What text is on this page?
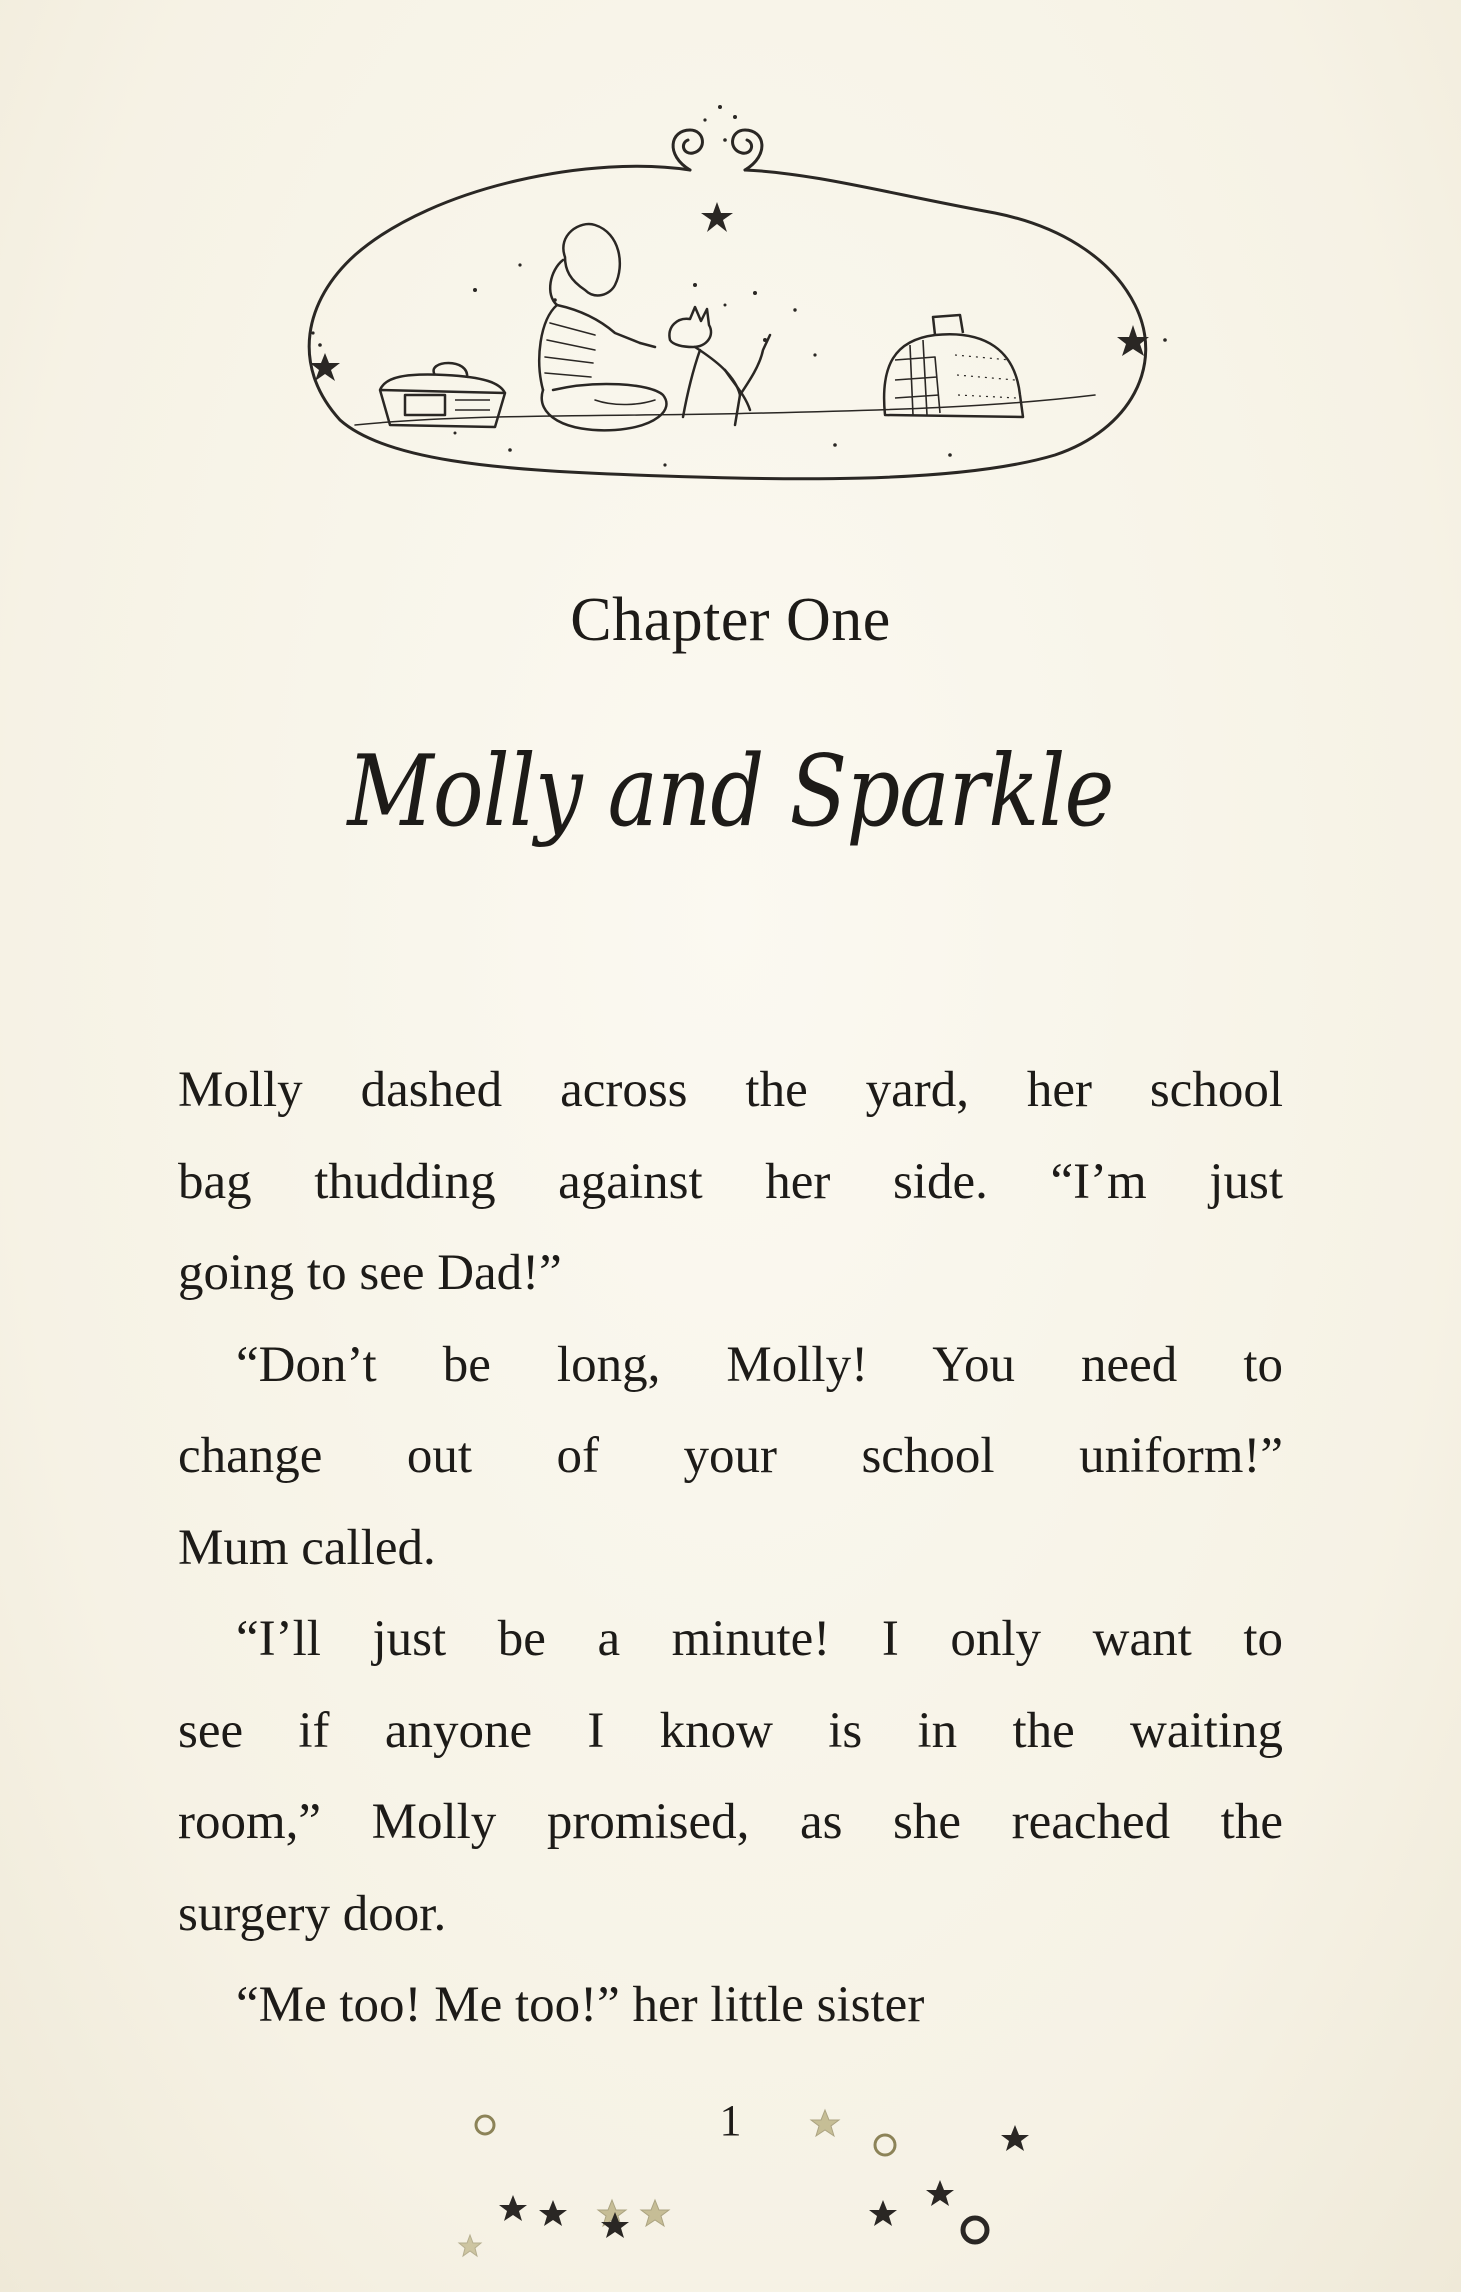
Chapter One
Molly and Sparkle

Molly dashed across the yard, her school
bag thudding against her side. “I’m just
going to see Dad!”

“Don’t be long, Molly! You need to
change out of your school uniform!”
Mum called.

“I’ll just be a minute! I only want to
see if anyone I know is in the waiting
room,” Molly promised, as she reached the
surgery door.

“Me too! Me too!” her little sister

1
